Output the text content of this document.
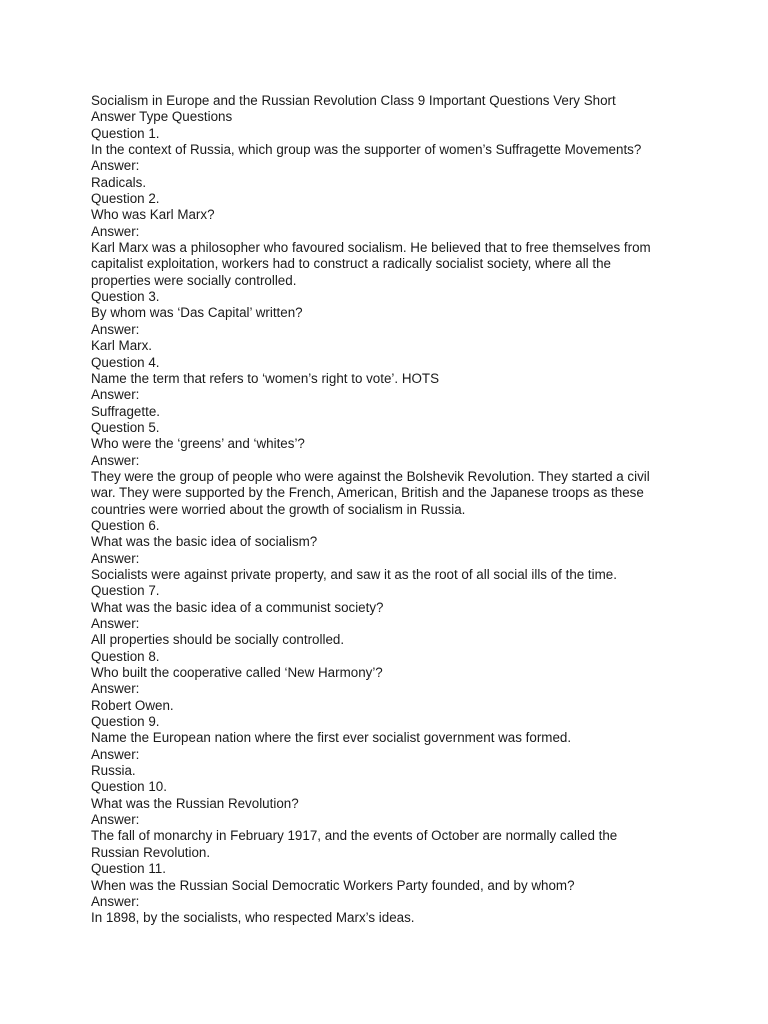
Socialism in Europe and the Russian Revolution Class 9 Important Questions Very Short
Answer Type Questions
Question 1.
In the context of Russia, which group was the supporter of women’s Suffragette Movements?
Answer:
Radicals.
Question 2.
Who was Karl Marx?
Answer:
Karl Marx was a philosopher who favoured socialism. He believed that to free themselves from
capitalist exploitation, workers had to construct a radically socialist society, where all the
properties were socially controlled.
Question 3.
By whom was ‘Das Capital’ written?
Answer:
Karl Marx.
Question 4.
Name the term that refers to ‘women’s right to vote’. HOTS
Answer:
Suffragette.
Question 5.
Who were the ‘greens’ and ‘whites’?
Answer:
They were the group of people who were against the Bolshevik Revolution. They started a civil
war. They were supported by the French, American, British and the Japanese troops as these
countries were worried about the growth of socialism in Russia.
Question 6.
What was the basic idea of socialism?
Answer:
Socialists were against private property, and saw it as the root of all social ills of the time.
Question 7.
What was the basic idea of a communist society?
Answer:
All properties should be socially controlled.
Question 8.
Who built the cooperative called ‘New Harmony’?
Answer:
Robert Owen.
Question 9.
Name the European nation where the first ever socialist government was formed.
Answer:
Russia.
Question 10.
What was the Russian Revolution?
Answer:
The fall of monarchy in February 1917, and the events of October are normally called the
Russian Revolution.
Question 11.
When was the Russian Social Democratic Workers Party founded, and by whom?
Answer:
In 1898, by the socialists, who respected Marx’s ideas.
